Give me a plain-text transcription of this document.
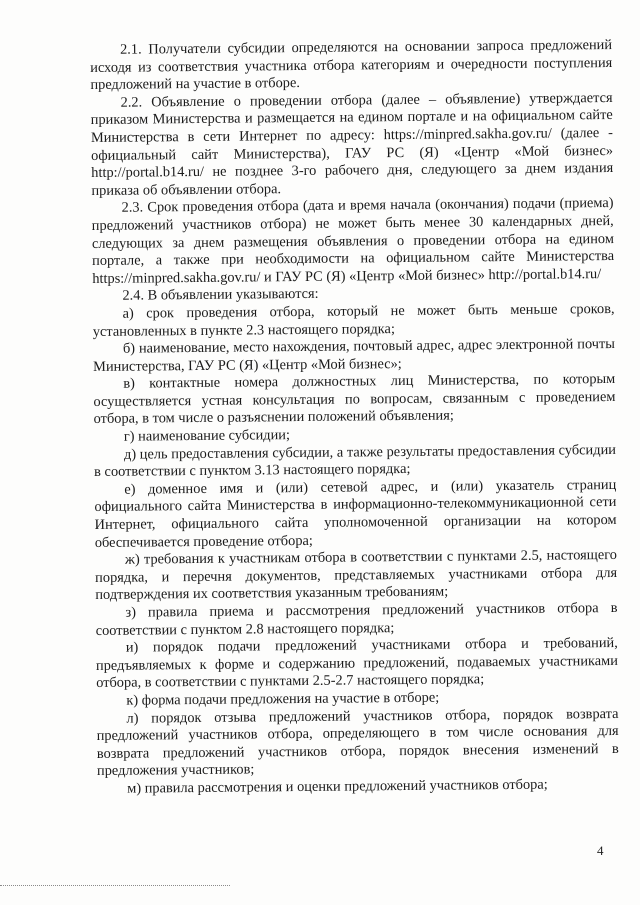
2.1. Получатели субсидии определяются на основании запроса предложений исходя из соответствия участника отбора категориям и очередности поступления предложений на участие в отборе.

2.2. Объявление о проведении отбора (далее – объявление) утверждается приказом Министерства и размещается на едином портале и на официальном сайте Министерства в сети Интернет по адресу: https://minpred.sakha.gov.ru/ (далее - официальный сайт Министерства), ГАУ РС (Я) «Центр «Мой бизнес» http://portal.b14.ru/ не позднее 3-го рабочего дня, следующего за днем издания приказа об объявлении отбора.

2.3. Срок проведения отбора (дата и время начала (окончания) подачи (приема) предложений участников отбора) не может быть менее 30 календарных дней, следующих за днем размещения объявления о проведении отбора на едином портале, а также при необходимости на официальном сайте Министерства https://minpred.sakha.gov.ru/ и ГАУ РС (Я) «Центр «Мой бизнес» http://portal.b14.ru/

2.4. В объявлении указываются:

а) срок проведения отбора, который не может быть меньше сроков, установленных в пункте 2.3 настоящего порядка;

б) наименование, место нахождения, почтовый адрес, адрес электронной почты Министерства, ГАУ РС (Я) «Центр «Мой бизнес»;

в) контактные номера должностных лиц Министерства, по которым осуществляется устная консультация по вопросам, связанным с проведением отбора, в том числе о разъяснении положений объявления;

г) наименование субсидии;

д) цель предоставления субсидии, а также результаты предоставления субсидии в соответствии с пунктом 3.13 настоящего порядка;

е) доменное имя и (или) сетевой адрес, и (или) указатель страниц официального сайта Министерства в информационно-телекоммуникационной сети Интернет, официального сайта уполномоченной организации на котором обеспечивается проведение отбора;

ж) требования к участникам отбора в соответствии с пунктами 2.5, настоящего порядка, и перечня документов, представляемых участниками отбора для подтверждения их соответствия указанным требованиям;

з) правила приема и рассмотрения предложений участников отбора в соответствии с пунктом 2.8 настоящего порядка;

и) порядок подачи предложений участниками отбора и требований, предъявляемых к форме и содержанию предложений, подаваемых участниками отбора, в соответствии с пунктами 2.5-2.7 настоящего порядка;

к) форма подачи предложения на участие в отборе;

л) порядок отзыва предложений участников отбора, порядок возврата предложений участников отбора, определяющего в том числе основания для возврата предложений участников отбора, порядок внесения изменений в предложения участников;

м) правила рассмотрения и оценки предложений участников отбора;

4
